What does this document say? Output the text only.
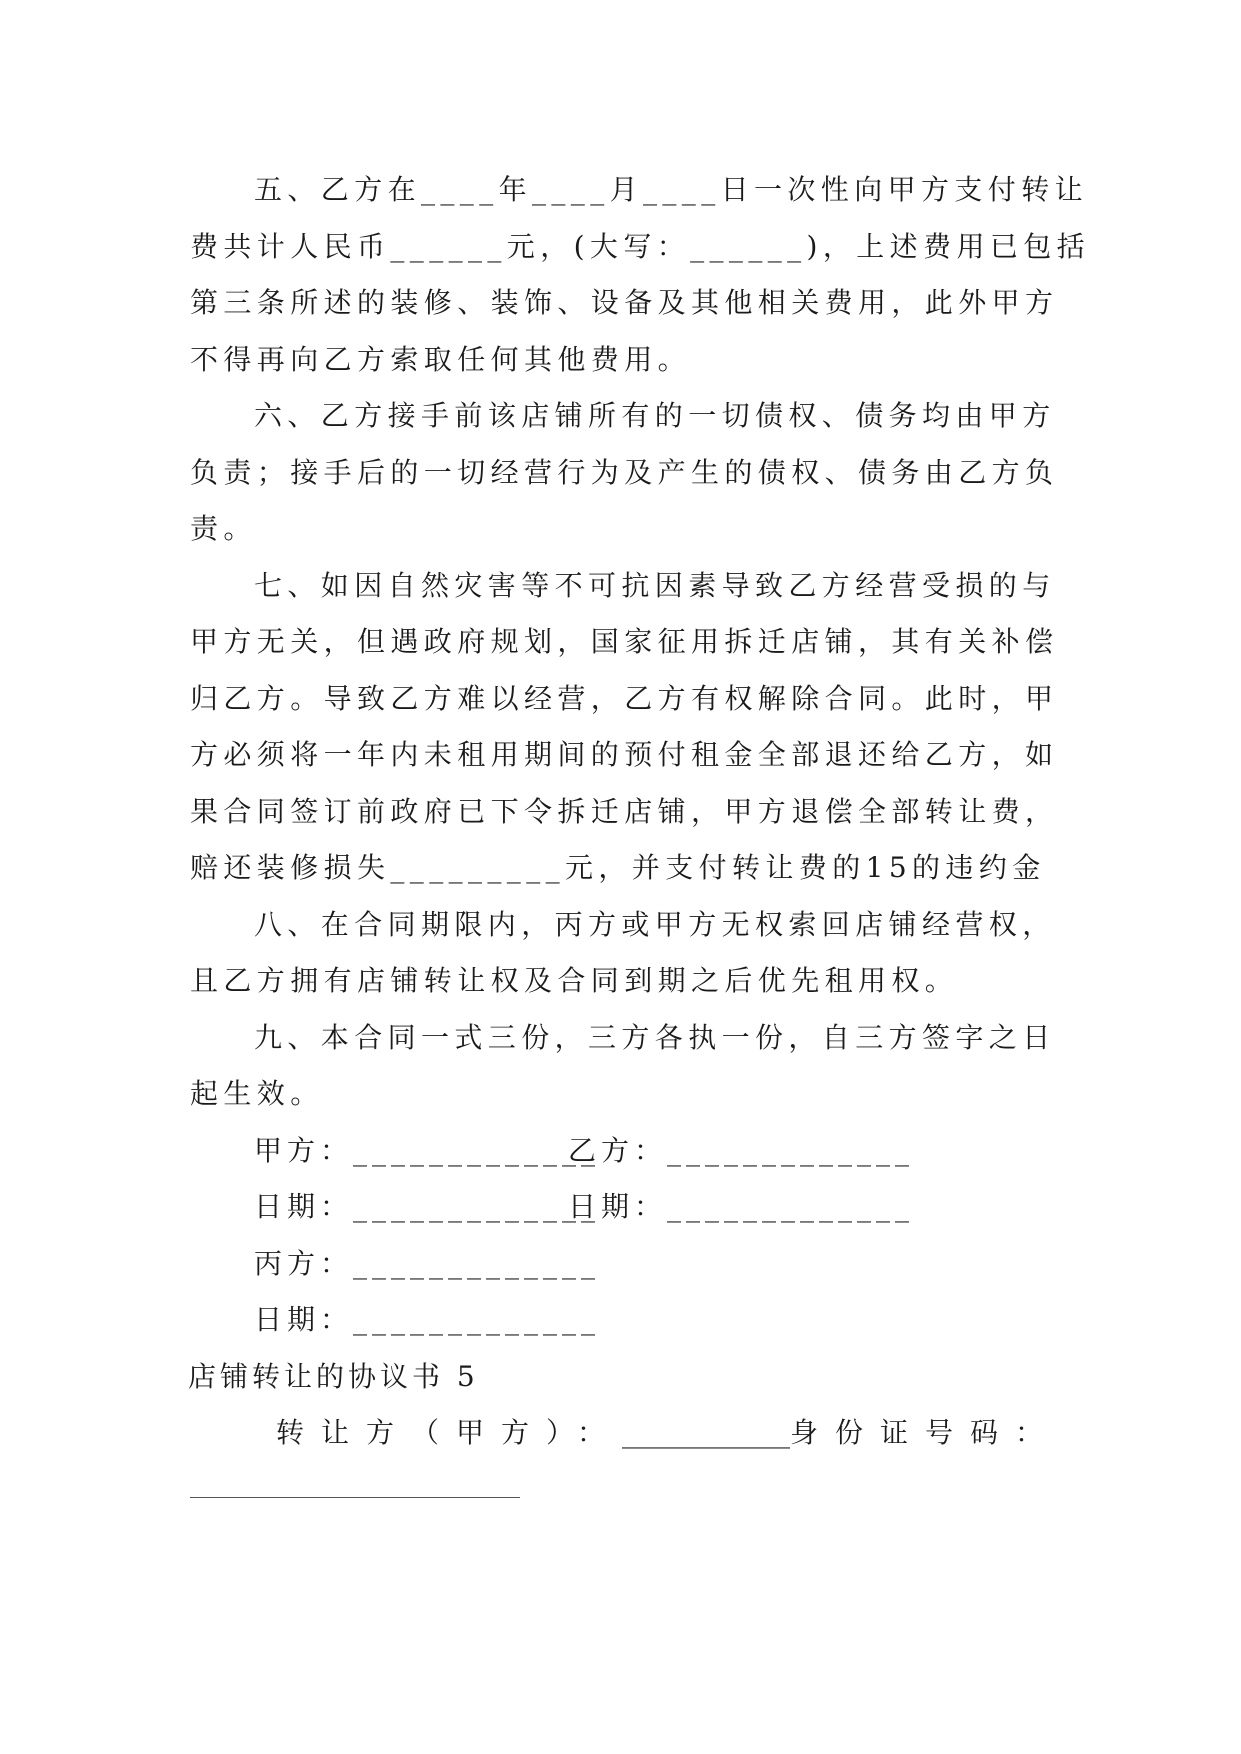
五、乙方在____年____月____日一次性向甲方支付转让
费共计人民币______元，(大写：______)，上述费用已包括
第三条所述的装修、装饰、设备及其他相关费用，此外甲方
不得再向乙方索取任何其他费用。
六、乙方接手前该店铺所有的一切债权、债务均由甲方
负责；接手后的一切经营行为及产生的债权、债务由乙方负
责。
七、如因自然灾害等不可抗因素导致乙方经营受损的与
甲方无关，但遇政府规划，国家征用拆迁店铺，其有关补偿
归乙方。导致乙方难以经营，乙方有权解除合同。此时，甲
方必须将一年内未租用期间的预付租金全部退还给乙方，如
果合同签订前政府已下令拆迁店铺，甲方退偿全部转让费，
赔还装修损失_________元，并支付转让费的15的违约金
八、在合同期限内，丙方或甲方无权索回店铺经营权，
且乙方拥有店铺转让权及合同到期之后优先租用权。
九、本合同一式三份，三方各执一份，自三方签字之日
起生效。
甲方：_____________乙方：_____________
日期：_____________日期：_____________
丙方：_____________
日期：_____________
店铺转让的协议书 5
转让方（甲方）： ____________ 身份证号码：
